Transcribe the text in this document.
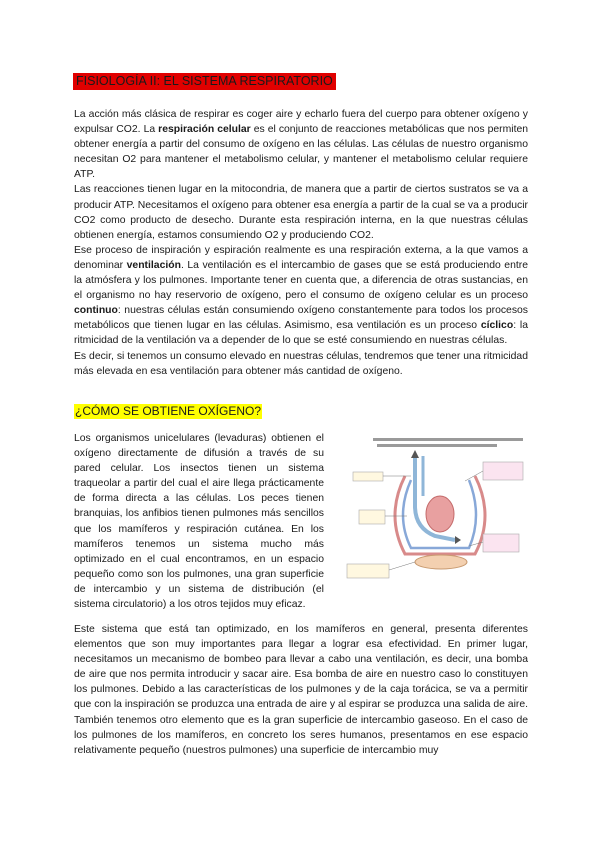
FISIOLOGÍA II: EL SISTEMA RESPIRATORIO

La acción más clásica de respirar es coger aire y echarlo fuera del cuerpo para obtener oxígeno y expulsar CO2. La respiración celular es el conjunto de reacciones metabólicas que nos permiten obtener energía a partir del consumo de oxígeno en las células. Las células de nuestro organismo necesitan O2 para mantener el metabolismo celular, y mantener el metabolismo celular requiere ATP.

Las reacciones tienen lugar en la mitocondria, de manera que a partir de ciertos sustratos se va a producir ATP. Necesitamos el oxígeno para obtener esa energía a partir de la cual se va a producir CO2 como producto de desecho. Durante esta respiración interna, en la que nuestras células obtienen energía, estamos consumiendo O2 y produciendo CO2.

Ese proceso de inspiración y espiración realmente es una respiración externa, a la que vamos a denominar ventilación. La ventilación es el intercambio de gases que se está produciendo entre la atmósfera y los pulmones. Importante tener en cuenta que, a diferencia de otras sustancias, en el organismo no hay reservorio de oxígeno, pero el consumo de oxígeno celular es un proceso continuo: nuestras células están consumiendo oxígeno constantemente para todos los procesos metabólicos que tienen lugar en las células. Asimismo, esa ventilación es un proceso cíclico: la ritmicidad de la ventilación va a depender de lo que se esté consumiendo en nuestras células.

Es decir, si tenemos un consumo elevado en nuestras células, tendremos que tener una ritmicidad más elevada en esa ventilación para obtener más cantidad de oxígeno.

¿CÓMO SE OBTIENE OXÍGENO?
Los organismos unicelulares (levaduras) obtienen el oxígeno directamente de difusión a través de su pared celular. Los insectos tienen un sistema traqueolar a partir del cual el aire llega prácticamente de forma directa a las células. Los peces tienen branquias, los anfibios tienen pulmones más sencillos que los mamíferos y respiración cutánea. En los mamíferos tenemos un sistema mucho más optimizado en el cual encontramos, en un espacio pequeño como son los pulmones, una gran superficie de intercambio y un sistema de distribución (el sistema circulatorio) a los otros tejidos muy eficaz.

Este sistema que está tan optimizado, en los mamíferos en general, presenta diferentes elementos que son muy importantes para llegar a lograr esa efectividad. En primer lugar, necesitamos un mecanismo de bombeo para llevar a cabo una ventilación, es decir, una bomba de aire que nos permita introducir y sacar aire. Esa bomba de aire en nuestro caso lo constituyen los pulmones. Debido a las características de los pulmones y de la caja torácica, se va a permitir que con la inspiración se produzca una entrada de aire y al espirar se produzca una salida de aire.

También tenemos otro elemento que es la gran superficie de intercambio gaseoso. En el caso de los pulmones de los mamíferos, en concreto los seres humanos, presentamos en ese espacio relativamente pequeño (nuestros pulmones) una superficie de intercambio muy
